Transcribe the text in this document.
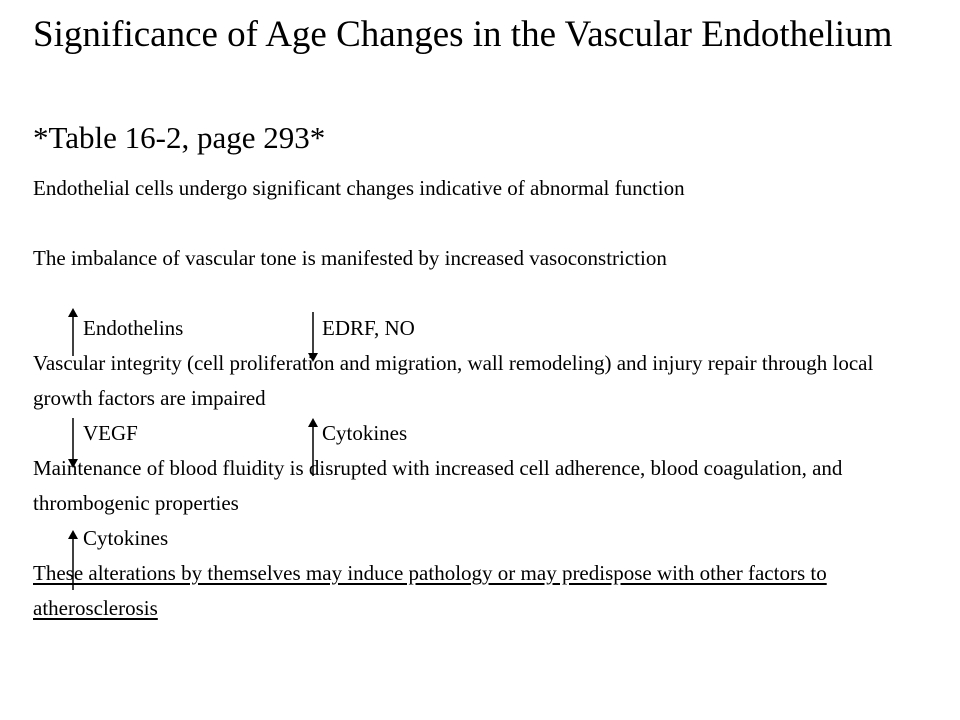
Significance of Age Changes in the Vascular Endothelium
*Table 16-2, page 293*

Endothelial cells undergo significant changes indicative of abnormal function

The imbalance of vascular tone is manifested by increased vasoconstriction

Endothelins	EDRF, NO

Vascular integrity (cell proliferation and migration, wall remodeling) and injury repair through local growth factors are impaired

VEGF	Cytokines

Maintenance of blood fluidity is disrupted with increased cell adherence, blood coagulation, and thrombogenic properties

Cytokines

These alterations by themselves may induce pathology or may predispose with other factors to atherosclerosis
